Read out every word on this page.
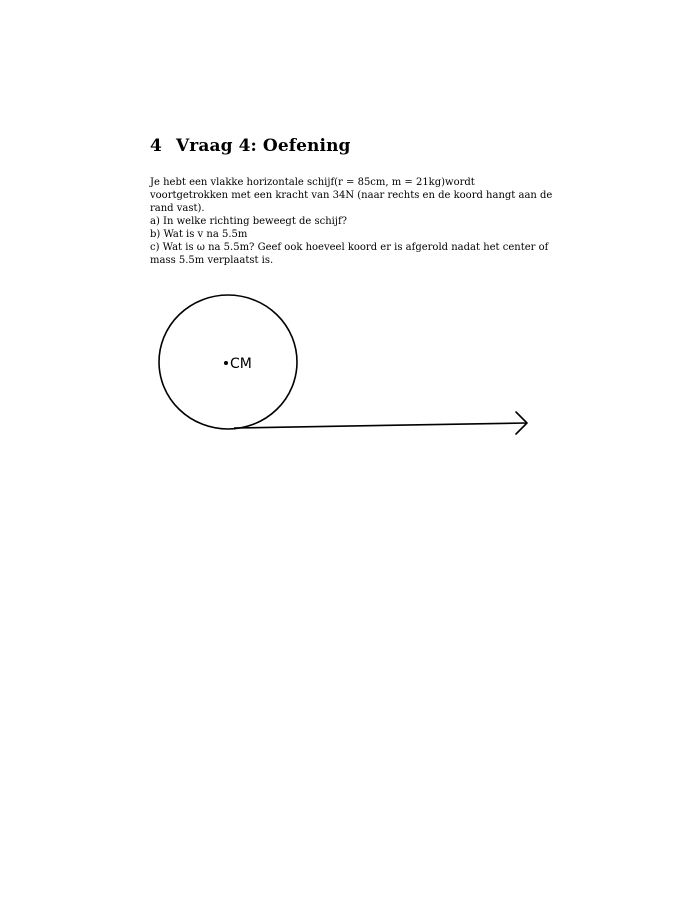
4 Vraag 4: Oefening

Je hebt een vlakke horizontale schijf(r = 85cm, m = 21kg)wordt

voortgetrokken met een kracht van 34N (naar rechts en de koord hangt aan de

rand vast).

a) In welke richting beweegt de schijf?

b) Wat is v na 5.5m

c) Wat is ω na 5.5m? Geef ook hoeveel koord er is afgerold nadat het center of

mass 5.5m verplaatst is.

CM
